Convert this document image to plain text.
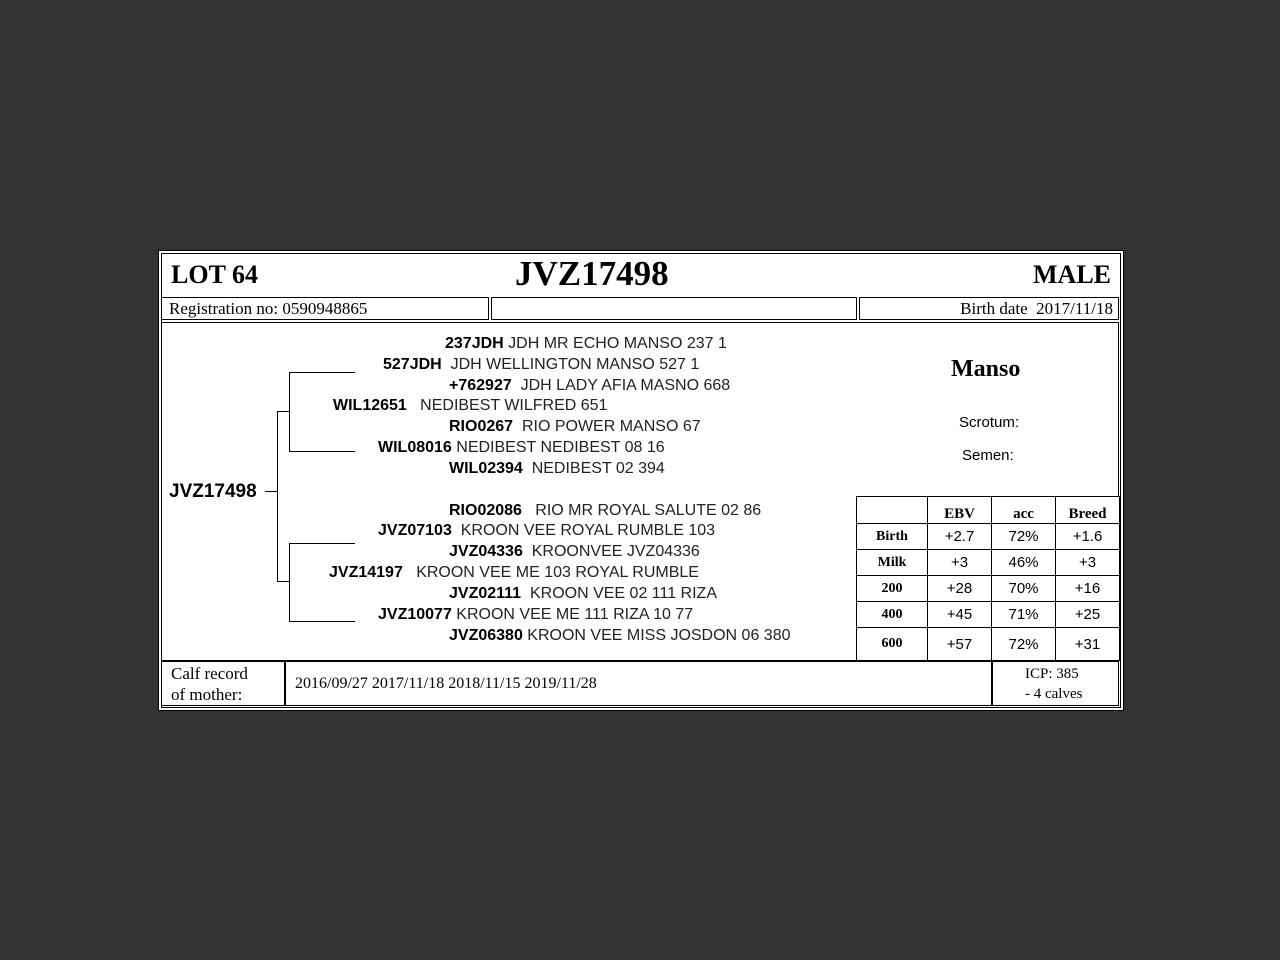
LOT 64	JVZ17498	MALE
Registration no: 0590948865	Birth date 2017/11/18
JVZ17498
237JDH JDH MR ECHO MANSO 237 1
527JDH JDH WELLINGTON MANSO 527 1
+762927 JDH LADY AFIA MASNO 668
WIL12651 NEDIBEST WILFRED 651
RIO0267 RIO POWER MANSO 67
WIL08016 NEDIBEST NEDIBEST 08 16
WIL02394 NEDIBEST 02 394
RIO02086 RIO MR ROYAL SALUTE 02 86
JVZ07103 KROON VEE ROYAL RUMBLE 103
JVZ04336 KROONVEE JVZ04336
JVZ14197 KROON VEE ME 103 ROYAL RUMBLE
JVZ02111 KROON VEE 02 111 RIZA
JVZ10077 KROON VEE ME 111 RIZA 10 77
JVZ06380 KROON VEE MISS JOSDON 06 380
Manso
Scrotum:
Semen:
	EBV	acc	Breed
Birth	+2.7	72%	+1.6
Milk	+3	46%	+3
200	+28	70%	+16
400	+45	71%	+25
600	+57	72%	+31
Calf record
of mother:
2016/09/27 2017/11/18 2018/11/15 2019/11/28
ICP: 385
- 4 calves
